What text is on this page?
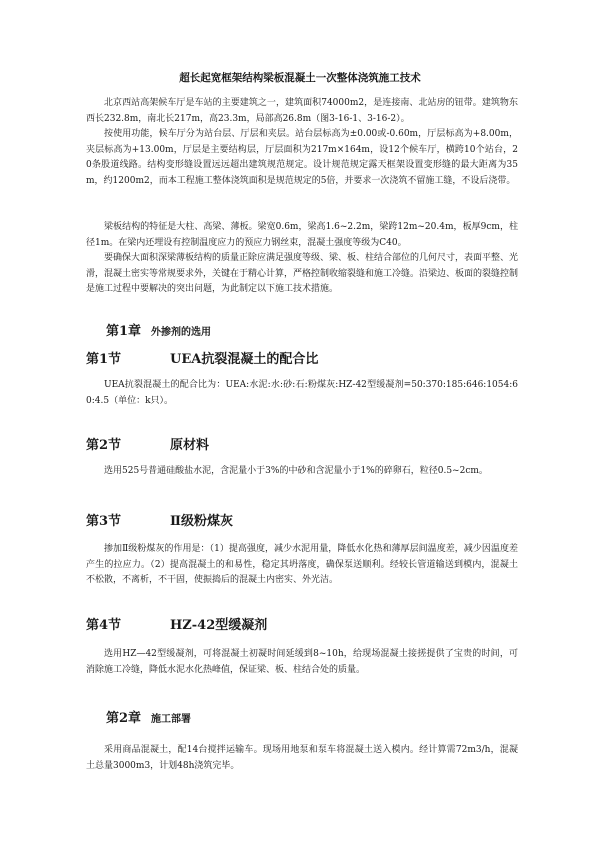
超长起宽框架结构梁板混凝土一次整体浇筑施工技术

北京西站高架候车厅是车站的主要建筑之一，建筑面积74000m2，是连接南、北站房的钮带。建筑物东西长232.8m，南北长217m，高23.3m，局部高26.8m（图3-16-1、3-16-2）。

按使用功能，候车厅分为站台层、厅层和夹层。站台层标高为±0.00或-0.60m，厅层标高为+8.00m，夹层标高为+13.00m，厅层是主要结构层，厅层面积为217m×164m，设12个候车厅，横跨10个站台，20条股道线路。结构变形缝设置远远超出建筑规范规定。设计规范规定露天框架设置变形缝的最大距离为35m，约1200m2，而本工程施工整体浇筑面积是规范规定的5倍，并要求一次浇筑不留施工缝，不设后浇带。

梁板结构的特征是大柱、高梁、薄板。梁宽0.6m，梁高1.6~2.2m，梁跨12m~20.4m，板厚9cm，柱径1m。在梁内还埋设有控制温度应力的预应力钢丝束，混凝土强度等级为C40。

要确保大面积深梁薄板结构的质量正除应满足强度等级、梁、板、柱结合部位的几何尺寸，表面平整、光滑，混凝土密实等常规要求外，关键在于精心计算，严格控制收缩裂缝和施工冷缝。沿梁边、板面的裂缝控制是施工过程中要解决的突出问题，为此制定以下施工技术措施。

第1章 外掺剂的选用
第1节	UEA抗裂混凝土的配合比

UEA抗裂混凝土的配合比为：UEA:水泥:水:砂:石:粉煤灰:HZ-42型缓凝剂=50:370:185:646:1054:60:4.5（单位：k只）。

第2节	原材料

选用525号普通硅酸盐水泥，含泥量小于3%的中砂和含泥量小于1%的碎卵石，粒径0.5~2cm。

第3节	Ⅱ级粉煤灰

掺加Ⅱ级粉煤灰的作用是：（1）提高强度，减少水泥用量，降低水化热和薄厚层间温度差，减少因温度差产生的拉应力。（2）提高混凝土的和易性，稳定其坍落度，确保泵送顺利。经较长管道输送到模内，混凝土不松散，不离析，不干固，使振捣后的混凝土内密实、外光洁。

第4节	HZ-42型缓凝剂

选用HZ—42型缓凝剂，可将混凝土初凝时间延缓到8~10h，给现场混凝土接搓提供了宝贵的时间，可消除施工冷缝，降低水泥水化热峰值，保证梁、板、柱结合处的质量。

第2章 施工部署

采用商品混凝土，配14台搅拌运输车。现场用地泵和泵车将混凝土送入模内。经计算需72m3/h，混凝土总量3000m3，计划48h浇筑完毕。
